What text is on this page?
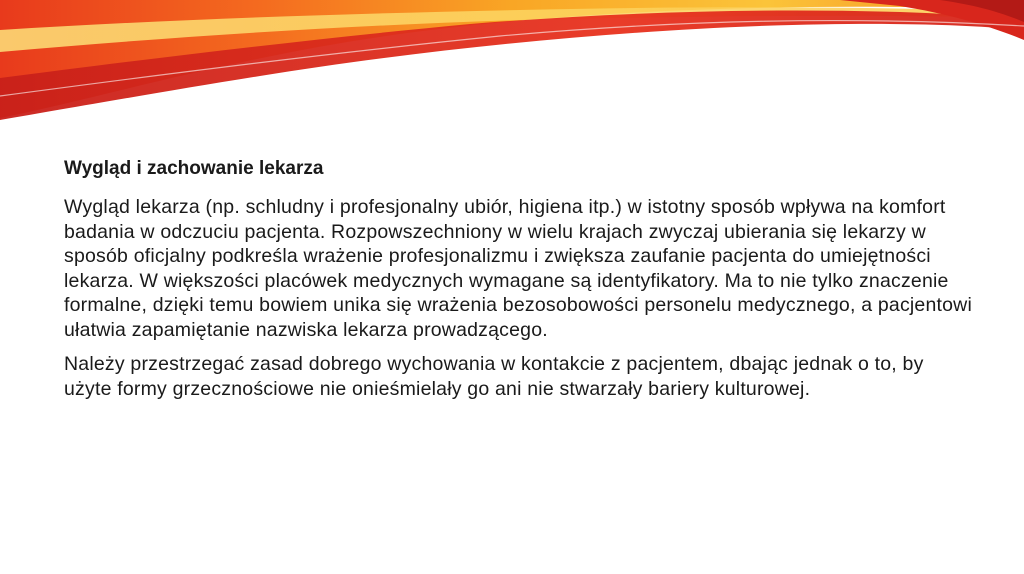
Wygląd i zachowanie lekarza

Wygląd lekarza (np. schludny i profesjonalny ubiór, higiena itp.) w istotny sposób wpływa na komfort badania w odczuciu pacjenta. Rozpowszechniony w wielu krajach zwyczaj ubierania się lekarzy w sposób oficjalny podkreśla wrażenie profesjonalizmu i zwiększa zaufanie pacjenta do umiejętności lekarza. W większości placówek medycznych wymagane są identyfikatory. Ma to nie tylko znaczenie formalne, dzięki temu bowiem unika się wrażenia bezosobowości personelu medycznego, a pacjentowi ułatwia zapamiętanie nazwiska lekarza prowadzącego.

Należy przestrzegać zasad dobrego wychowania w kontakcie z pacjentem, dbając jednak o to, by użyte formy grzecznościowe nie onieśmielały go ani nie stwarzały bariery kulturowej.
